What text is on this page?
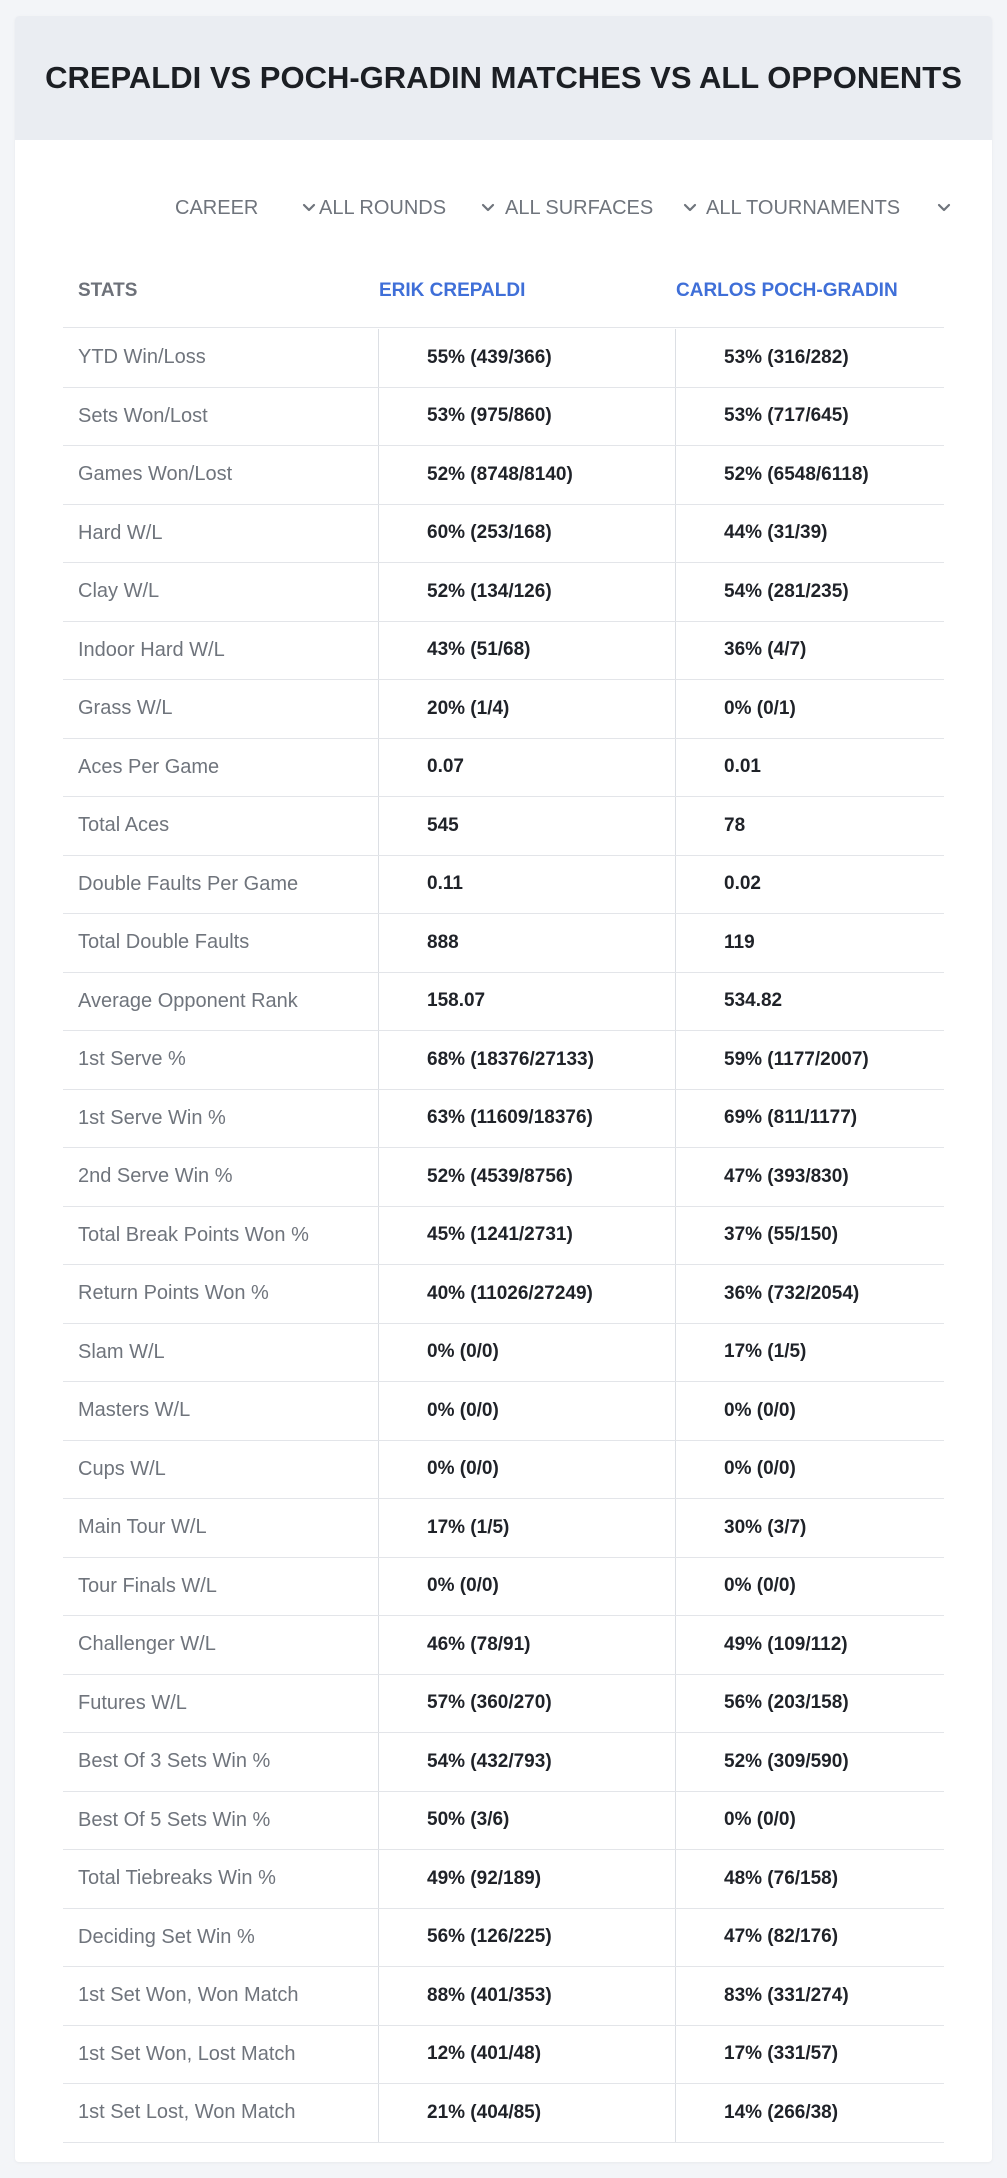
CREPALDI VS POCH-GRADIN MATCHES VS ALL OPPONENTS
CAREER	ALL ROUNDS	ALL SURFACES	ALL TOURNAMENTS
STATS	ERIK CREPALDI	CARLOS POCH-GRADIN
YTD Win/Loss	55% (439/366)	53% (316/282)
Sets Won/Lost	53% (975/860)	53% (717/645)
Games Won/Lost	52% (8748/8140)	52% (6548/6118)
Hard W/L	60% (253/168)	44% (31/39)
Clay W/L	52% (134/126)	54% (281/235)
Indoor Hard W/L	43% (51/68)	36% (4/7)
Grass W/L	20% (1/4)	0% (0/1)
Aces Per Game	0.07	0.01
Total Aces	545	78
Double Faults Per Game	0.11	0.02
Total Double Faults	888	119
Average Opponent Rank	158.07	534.82
1st Serve %	68% (18376/27133)	59% (1177/2007)
1st Serve Win %	63% (11609/18376)	69% (811/1177)
2nd Serve Win %	52% (4539/8756)	47% (393/830)
Total Break Points Won %	45% (1241/2731)	37% (55/150)
Return Points Won %	40% (11026/27249)	36% (732/2054)
Slam W/L	0% (0/0)	17% (1/5)
Masters W/L	0% (0/0)	0% (0/0)
Cups W/L	0% (0/0)	0% (0/0)
Main Tour W/L	17% (1/5)	30% (3/7)
Tour Finals W/L	0% (0/0)	0% (0/0)
Challenger W/L	46% (78/91)	49% (109/112)
Futures W/L	57% (360/270)	56% (203/158)
Best Of 3 Sets Win %	54% (432/793)	52% (309/590)
Best Of 5 Sets Win %	50% (3/6)	0% (0/0)
Total Tiebreaks Win %	49% (92/189)	48% (76/158)
Deciding Set Win %	56% (126/225)	47% (82/176)
1st Set Won, Won Match	88% (401/353)	83% (331/274)
1st Set Won, Lost Match	12% (401/48)	17% (331/57)
1st Set Lost, Won Match	21% (404/85)	14% (266/38)
